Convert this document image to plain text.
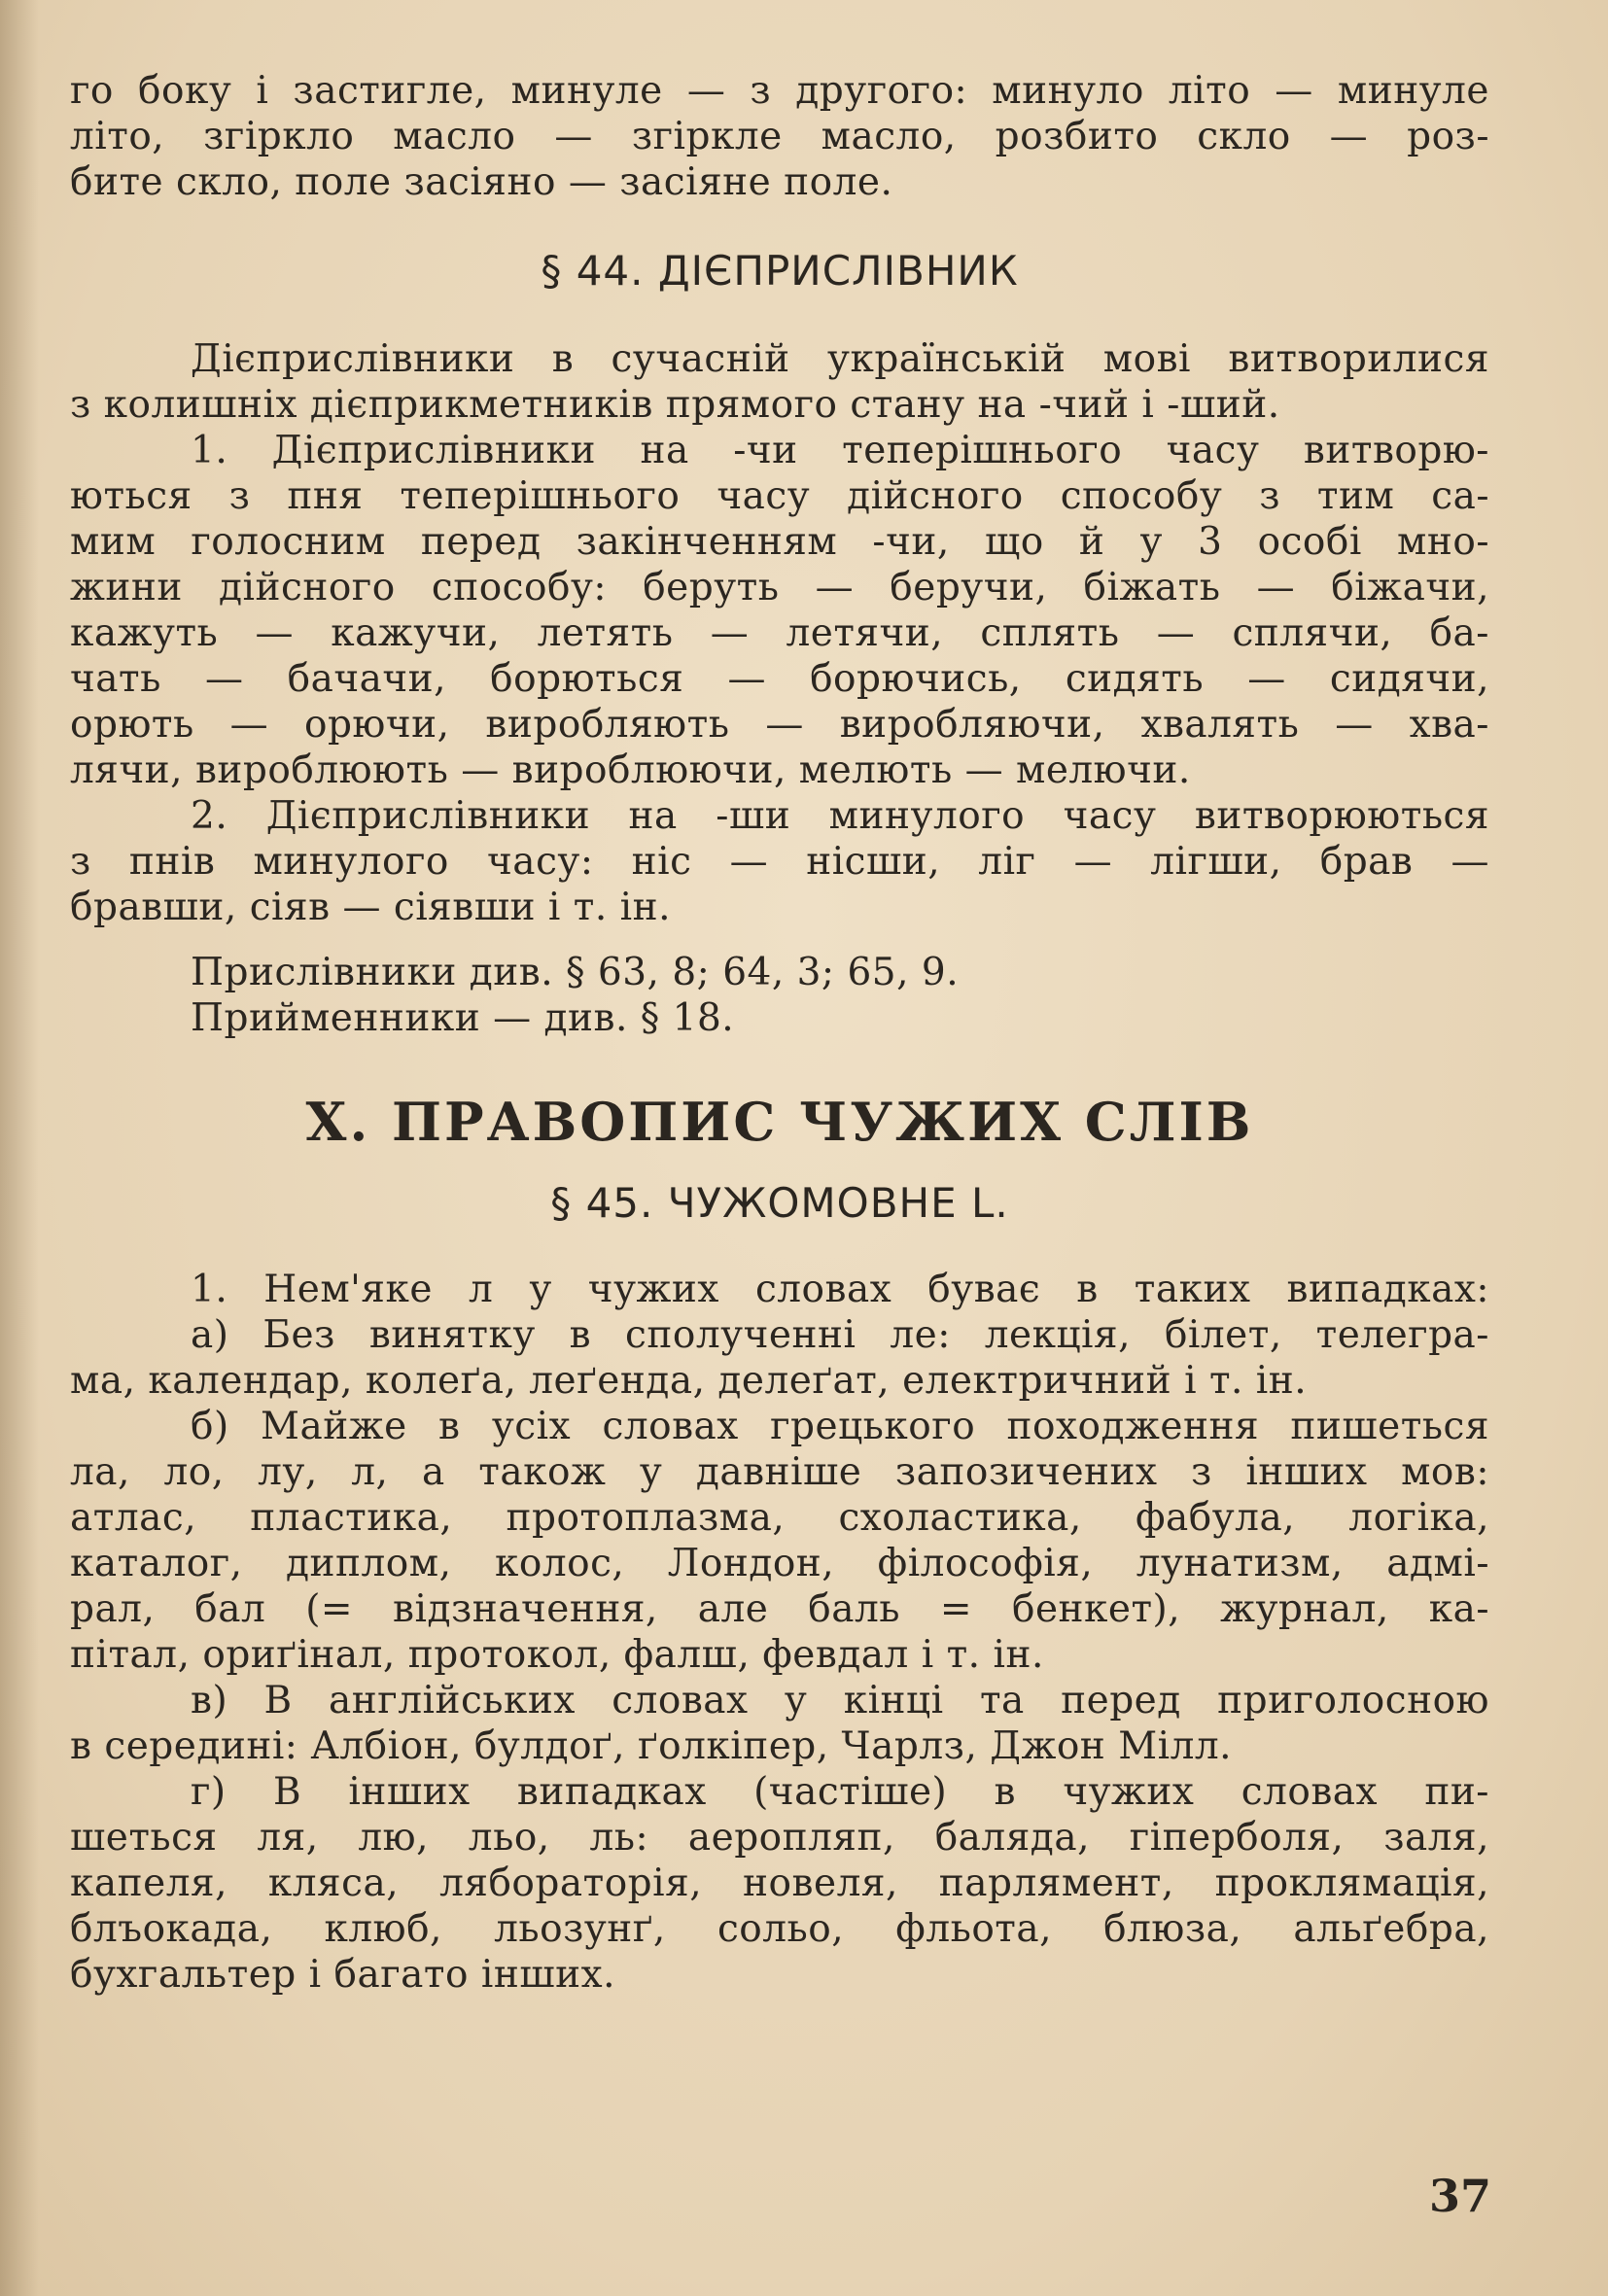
го боку і застигле, минуле — з другого: минуло літо — минуле

літо, згіркло масло — згіркле масло, розбито скло — роз-

бите скло, поле засіяно — засіяне поле.

§ 44. ДІЄПРИСЛІВНИК

Дієприслівники в сучасній українській мові витворилися

з колишніх дієприкметників прямого стану на -чий і -ший.

1. Дієприслівники на -чи теперішнього часу витворю-

ються з пня теперішнього часу дійсного способу з тим са-

мим голосним перед закінченням -чи, що й у 3 особі мно-

жини дійсного способу: беруть — беручи, біжать — біжачи,

кажуть — кажучи, летять — летячи, сплять — сплячи, ба-

чать — бачачи, борються — борючись, сидять — сидячи,

орють — орючи, виробляють — виробляючи, хвалять — хва-

лячи, вироблюють — вироблюючи, мелють — мелючи.

2. Дієприслівники на -ши минулого часу витворюються

з пнів минулого часу: ніс — нісши, ліг — лігши, брав —

бравши, сіяв — сіявши і т. ін.

Прислівники див. § 63, 8; 64, 3; 65, 9.

Прийменники — див. § 18.

X. ПРАВОПИС ЧУЖИХ СЛІВ
§ 45. ЧУЖОМОВНЕ L.

1. Нем'яке л у чужих словах буває в таких випадках:

а) Без винятку в сполученні ле: лекція, білет, телегра-

ма, календар, колеґа, леґенда, делеґат, електричний і т. ін.

б) Майже в усіх словах грецького походження пишеться

ла, ло, лу, л, а також у давніше запозичених з інших мов:

атлас, пластика, протоплазма, схоластика, фабула, логіка,

каталог, диплом, колос, Лондон, філософія, лунатизм, адмі-

рал, бал (= відзначення, але баль = бенкет), журнал, ка-

пітал, ориґінал, протокол, фалш, февдал і т. ін.

в) В англійських словах у кінці та перед приголосною

в середині: Албіон, булдоґ, ґолкіпер, Чарлз, Джон Мілл.

г) В інших випадках (частіше) в чужих словах пи-

шеться ля, лю, льо, ль: аеропляп, баляда, гіперболя, заля,

капеля, кляса, лябораторія, новеля, парлямент, проклямація,

блъокада, клюб, льозунґ, сольо, фльота, блюза, альґебра,

бухгальтер і багато інших.

37
